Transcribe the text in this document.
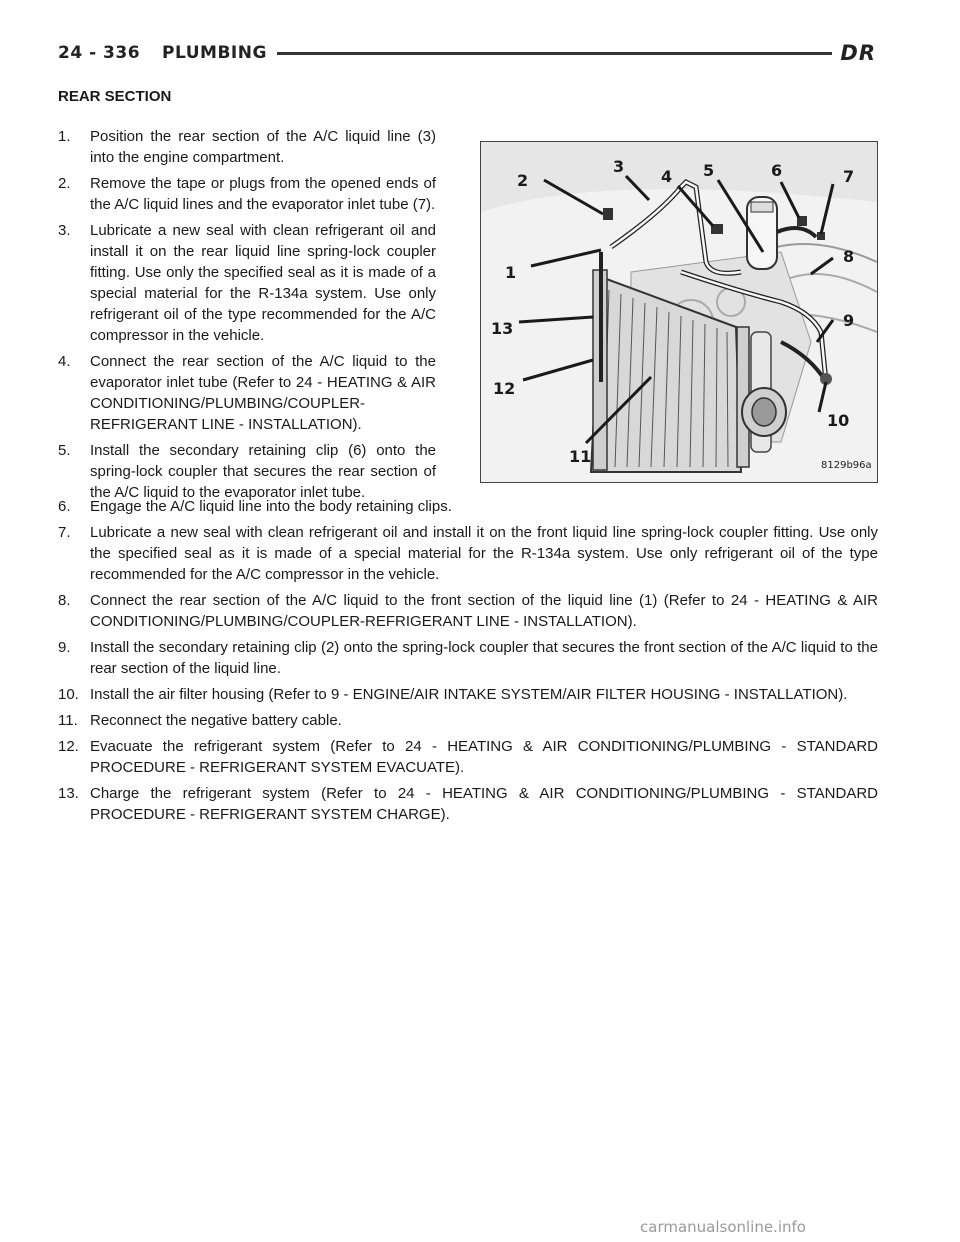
24 - 336 PLUMBING	DR
REAR SECTION
1. Position the rear section of the A/C liquid line (3) into the engine compartment.
2. Remove the tape or plugs from the opened ends of the A/C liquid lines and the evaporator inlet tube (7).
3. Lubricate a new seal with clean refrigerant oil and install it on the rear liquid line spring-lock coupler fitting. Use only the specified seal as it is made of a special material for the R-134a system. Use only refrigerant oil of the type recommended for the A/C compressor in the vehicle.
4. Connect the rear section of the A/C liquid to the evaporator inlet tube (Refer to 24 - HEATING & AIR CONDITIONING/PLUMBING/COUPLER-REFRIGERANT LINE - INSTALLATION).
5. Install the secondary retaining clip (6) onto the spring-lock coupler that secures the rear section of the A/C liquid to the evaporator inlet tube.
1
2
3
4 5	6	7
8
9
10
11
12
13
8129b96a
6. Engage the A/C liquid line into the body retaining clips.
7. Lubricate a new seal with clean refrigerant oil and install it on the front liquid line spring-lock coupler fitting. Use only the specified seal as it is made of a special material for the R-134a system. Use only refrigerant oil of the type recommended for the A/C compressor in the vehicle.
8. Connect the rear section of the A/C liquid to the front section of the liquid line (1) (Refer to 24 - HEATING & AIR CONDITIONING/PLUMBING/COUPLER-REFRIGERANT LINE - INSTALLATION).
9. Install the secondary retaining clip (2) onto the spring-lock coupler that secures the front section of the A/C liquid to the rear section of the liquid line.
10. Install the air filter housing (Refer to 9 - ENGINE/AIR INTAKE SYSTEM/AIR FILTER HOUSING - INSTALLATION).
11. Reconnect the negative battery cable.
12. Evacuate the refrigerant system (Refer to 24 - HEATING & AIR CONDITIONING/PLUMBING - STANDARD PROCEDURE - REFRIGERANT SYSTEM EVACUATE).
13. Charge the refrigerant system (Refer to 24 - HEATING & AIR CONDITIONING/PLUMBING - STANDARD PROCEDURE - REFRIGERANT SYSTEM CHARGE).
carmanualsonline.info
